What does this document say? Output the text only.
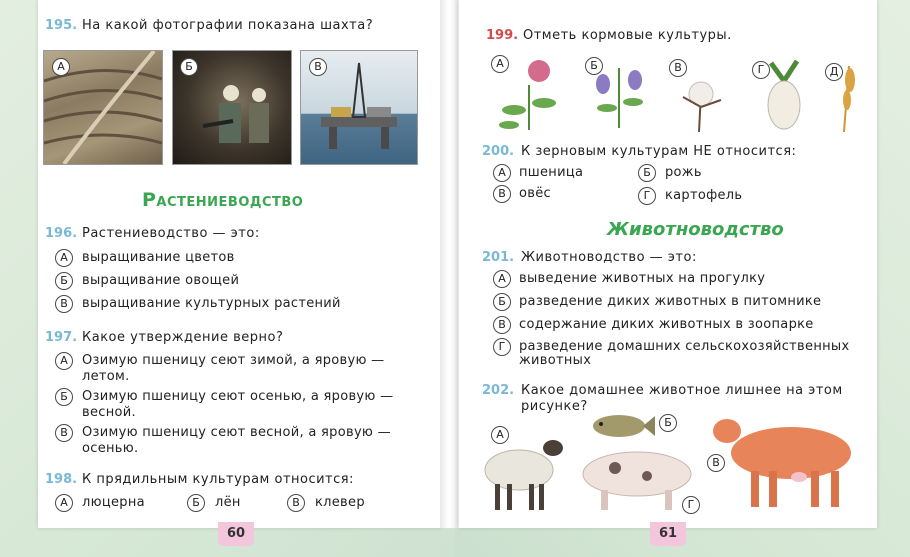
195. На какой фотографии показана шахта?
А	Б	В
Растениеводство
196. Растениеводство — это:
А	выращивание цветов
Б	выращивание овощей
В	выращивание культурных растений
197. Какое утверждение верно?
А	Озимую пшеницу сеют зимой, а яровую —
летом.
Б	Озимую пшеницу сеют осенью, а яровую —
весной.
В	Озимую пшеницу сеют весной, а яровую —
осенью.
198. К прядильным культурам относится:
А	люцерна	Б	лён	В	клевер
199. Отметь кормовые культуры.
А	Б	В	Г	Д
200. К зерновым культурам НЕ относится:
А	пшеница	Б	рожь
В	овёс	Г	картофель
Животноводство
201. Животноводство — это:
А	выведение животных на прогулку
Б	разведение диких животных в питомнике
В	содержание диких животных в зоопарке
Г	разведение домашних сельскохозяйственных
животных
202. Какое домашнее животное лишнее на этом
рисунке?
А
Б
Г
В
60	61
